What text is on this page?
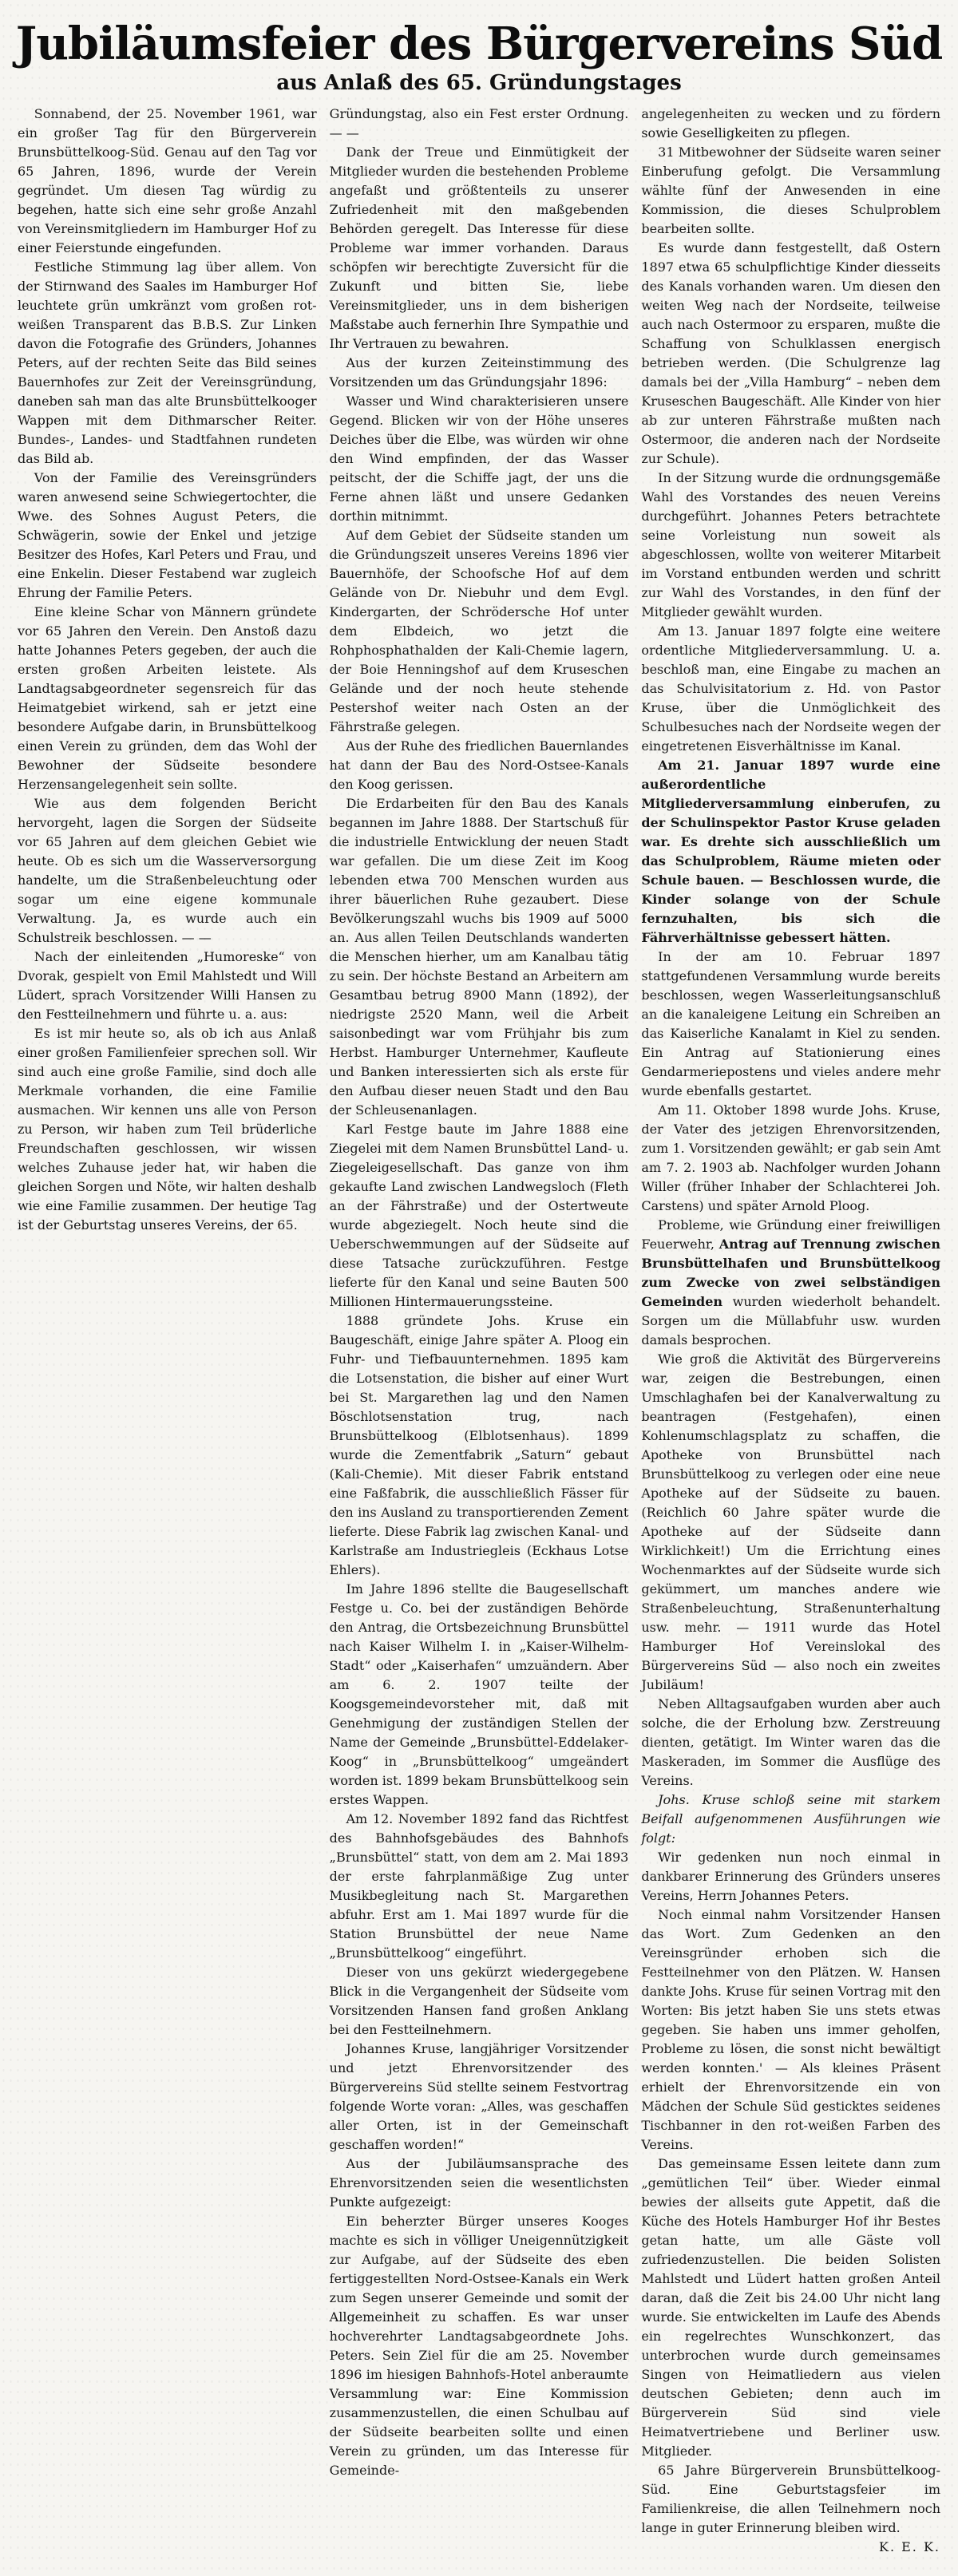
Jubiläumsfeier des Bürgervereins Süd
aus Anlaß des 65. Gründungstages

Sonnabend, der 25. November 1961, war ein großer Tag für den Bürgerverein Brunsbüttelkoog-Süd. Genau auf den Tag vor 65 Jahren, 1896, wurde der Verein gegründet. Um diesen Tag würdig zu begehen, hatte sich eine sehr große Anzahl von Vereinsmitgliedern im Hamburger Hof zu einer Feierstunde eingefunden.

Festliche Stimmung lag über allem. Von der Stirnwand des Saales im Hamburger Hof leuchtete grün umkränzt vom großen rot-weißen Transparent das B.B.S. Zur Linken davon die Fotografie des Gründers, Johannes Peters, auf der rechten Seite das Bild seines Bauernhofes zur Zeit der Vereinsgründung, daneben sah man das alte Brunsbüttelkooger Wappen mit dem Dithmarscher Reiter. Bundes-, Landes- und Stadtfahnen rundeten das Bild ab.

Von der Familie des Vereinsgründers waren anwesend seine Schwiegertochter, die Wwe. des Sohnes August Peters, die Schwägerin, sowie der Enkel und jetzige Besitzer des Hofes, Karl Peters und Frau, und eine Enkelin. Dieser Festabend war zugleich Ehrung der Familie Peters.

Eine kleine Schar von Männern gründete vor 65 Jahren den Verein. Den Anstoß dazu hatte Johannes Peters gegeben, der auch die ersten großen Arbeiten leistete. Als Landtagsabgeordneter segensreich für das Heimatgebiet wirkend, sah er jetzt eine besondere Aufgabe darin, in Brunsbüttelkoog einen Verein zu gründen, dem das Wohl der Bewohner der Südseite besondere Herzensangelegenheit sein sollte.

Wie aus dem folgenden Bericht hervorgeht, lagen die Sorgen der Südseite vor 65 Jahren auf dem gleichen Gebiet wie heute. Ob es sich um die Wasserversorgung handelte, um die Straßenbeleuchtung oder sogar um eine eigene kommunale Verwaltung. Ja, es wurde auch ein Schulstreik beschlossen. — —

Nach der einleitenden „Humoreske“ von Dvorak, gespielt von Emil Mahlstedt und Will Lüdert, sprach Vorsitzender Willi Hansen zu den Festteilnehmern und führte u. a. aus:

Es ist mir heute so, als ob ich aus Anlaß einer großen Familienfeier sprechen soll. Wir sind auch eine große Familie, sind doch alle Merkmale vorhanden, die eine Familie ausmachen. Wir kennen uns alle von Person zu Person, wir haben zum Teil brüderliche Freundschaften geschlossen, wir wissen welches Zuhause jeder hat, wir haben die gleichen Sorgen und Nöte, wir halten deshalb wie eine Familie zusammen. Der heutige Tag ist der Geburtstag unseres Vereins, der 65.

Gründungstag, also ein Fest erster Ordnung. — —

Dank der Treue und Einmütigkeit der Mitglieder wurden die bestehenden Probleme angefaßt und größtenteils zu unserer Zufriedenheit mit den maßgebenden Behörden geregelt. Das Interesse für diese Probleme war immer vorhanden. Daraus schöpfen wir berechtigte Zuversicht für die Zukunft und bitten Sie, liebe Vereinsmitglieder, uns in dem bisherigen Maßstabe auch fernerhin Ihre Sympathie und Ihr Vertrauen zu bewahren.

Aus der kurzen Zeiteinstimmung des Vorsitzenden um das Gründungsjahr 1896:

Wasser und Wind charakterisieren unsere Gegend. Blicken wir von der Höhe unseres Deiches über die Elbe, was würden wir ohne den Wind empfinden, der das Wasser peitscht, der die Schiffe jagt, der uns die Ferne ahnen läßt und unsere Gedanken dorthin mitnimmt.

Auf dem Gebiet der Südseite standen um die Gründungszeit unseres Vereins 1896 vier Bauernhöfe, der Schoofsche Hof auf dem Gelände von Dr. Niebuhr und dem Evgl. Kindergarten, der Schrödersche Hof unter dem Elbdeich, wo jetzt die Rohphosphathalden der Kali-Chemie lagern, der Boie Henningshof auf dem Kruseschen Gelände und der noch heute stehende Pestershof weiter nach Osten an der Fährstraße gelegen.

Aus der Ruhe des friedlichen Bauernlandes hat dann der Bau des Nord-Ostsee-Kanals den Koog gerissen.

Die Erdarbeiten für den Bau des Kanals begannen im Jahre 1888. Der Startschuß für die industrielle Entwicklung der neuen Stadt war gefallen. Die um diese Zeit im Koog lebenden etwa 700 Menschen wurden aus ihrer bäuerlichen Ruhe gezaubert. Diese Bevölkerungszahl wuchs bis 1909 auf 5000 an. Aus allen Teilen Deutschlands wanderten die Menschen hierher, um am Kanalbau tätig zu sein. Der höchste Bestand an Arbeitern am Gesamtbau betrug 8900 Mann (1892), der niedrigste 2520 Mann, weil die Arbeit saisonbedingt war vom Frühjahr bis zum Herbst. Hamburger Unternehmer, Kaufleute und Banken interessierten sich als erste für den Aufbau dieser neuen Stadt und den Bau der Schleusenanlagen.

Karl Festge baute im Jahre 1888 eine Ziegelei mit dem Namen Brunsbüttel Land- u. Ziegeleigesellschaft. Das ganze von ihm gekaufte Land zwischen Landwegsloch (Fleth an der Fährstraße) und der Ostertweute wurde abgeziegelt. Noch heute sind die Ueberschwemmungen auf der Südseite auf diese Tatsache zurückzuführen. Festge lieferte für den Kanal und seine Bauten 500 Millionen Hintermauerungssteine.

1888 gründete Johs. Kruse ein Baugeschäft, einige Jahre später A. Ploog ein Fuhr- und Tiefbauunternehmen. 1895 kam die Lotsenstation, die bisher auf einer Wurt bei St. Margarethen lag und den Namen Böschlotsenstation trug, nach Brunsbüttelkoog (Elblotsenhaus). 1899 wurde die Zementfabrik „Saturn“ gebaut (Kali-Chemie). Mit dieser Fabrik entstand eine Faßfabrik, die ausschließlich Fässer für den ins Ausland zu transportierenden Zement lieferte. Diese Fabrik lag zwischen Kanal- und Karlstraße am Industriegleis (Eckhaus Lotse Ehlers).

Im Jahre 1896 stellte die Baugesellschaft Festge u. Co. bei der zuständigen Behörde den Antrag, die Ortsbezeichnung Brunsbüttel nach Kaiser Wilhelm I. in „Kaiser-Wilhelm-Stadt“ oder „Kaiserhafen“ umzuändern. Aber am 6. 2. 1907 teilte der Koogsgemeindevorsteher mit, daß mit Genehmigung der zuständigen Stellen der Name der Gemeinde „Brunsbüttel-Eddelaker-Koog“ in „Brunsbüttelkoog“ umgeändert worden ist. 1899 bekam Brunsbüttelkoog sein erstes Wappen.

Am 12. November 1892 fand das Richtfest des Bahnhofsgebäudes des Bahnhofs „Brunsbüttel“ statt, von dem am 2. Mai 1893 der erste fahrplanmäßige Zug unter Musikbegleitung nach St. Margarethen abfuhr. Erst am 1. Mai 1897 wurde für die Station Brunsbüttel der neue Name „Brunsbüttelkoog“ eingeführt.

Dieser von uns gekürzt wiedergegebene Blick in die Vergangenheit der Südseite vom Vorsitzenden Hansen fand großen Anklang bei den Festteilnehmern.

Johannes Kruse, langjähriger Vorsitzender und jetzt Ehrenvorsitzender des Bürgervereins Süd stellte seinem Festvortrag folgende Worte voran: „Alles, was geschaffen aller Orten, ist in der Gemeinschaft geschaffen worden!“

Aus der Jubiläumsansprache des Ehrenvorsitzenden seien die wesentlichsten Punkte aufgezeigt:

Ein beherzter Bürger unseres Kooges machte es sich in völliger Uneigennützigkeit zur Aufgabe, auf der Südseite des eben fertiggestellten Nord-Ostsee-Kanals ein Werk zum Segen unserer Gemeinde und somit der Allgemeinheit zu schaffen. Es war unser hochverehrter Landtagsabgeordnete Johs. Peters. Sein Ziel für die am 25. November 1896 im hiesigen Bahnhofs-Hotel anberaumte Versammlung war: Eine Kommission zusammenzustellen, die einen Schulbau auf der Südseite bearbeiten sollte und einen Verein zu gründen, um das Interesse für Gemeinde-

angelegenheiten zu wecken und zu fördern sowie Geselligkeiten zu pflegen.

31 Mitbewohner der Südseite waren seiner Einberufung gefolgt. Die Versammlung wählte fünf der Anwesenden in eine Kommission, die dieses Schulproblem bearbeiten sollte.

Es wurde dann festgestellt, daß Ostern 1897 etwa 65 schulpflichtige Kinder diesseits des Kanals vorhanden waren. Um diesen den weiten Weg nach der Nordseite, teilweise auch nach Ostermoor zu ersparen, mußte die Schaffung von Schulklassen energisch betrieben werden. (Die Schulgrenze lag damals bei der „Villa Hamburg“ – neben dem Kruseschen Baugeschäft. Alle Kinder von hier ab zur unteren Fährstraße mußten nach Ostermoor, die anderen nach der Nordseite zur Schule).

In der Sitzung wurde die ordnungsgemäße Wahl des Vorstandes des neuen Vereins durchgeführt. Johannes Peters betrachtete seine Vorleistung nun soweit als abgeschlossen, wollte von weiterer Mitarbeit im Vorstand entbunden werden und schritt zur Wahl des Vorstandes, in den fünf der Mitglieder gewählt wurden.

Am 13. Januar 1897 folgte eine weitere ordentliche Mitgliederversammlung. U. a. beschloß man, eine Eingabe zu machen an das Schulvisitatorium z. Hd. von Pastor Kruse, über die Unmöglichkeit des Schulbesuches nach der Nordseite wegen der eingetretenen Eisverhältnisse im Kanal.

Am 21. Januar 1897 wurde eine außerordentliche Mitgliederversammlung einberufen, zu der Schulinspektor Pastor Kruse geladen war. Es drehte sich ausschließlich um das Schulproblem, Räume mieten oder Schule bauen. — Beschlossen wurde, die Kinder solange von der Schule fernzuhalten, bis sich die Fährverhältnisse gebessert hätten.

In der am 10. Februar 1897 stattgefundenen Versammlung wurde bereits beschlossen, wegen Wasserleitungsanschluß an die kanaleigene Leitung ein Schreiben an das Kaiserliche Kanalamt in Kiel zu senden. Ein Antrag auf Stationierung eines Gendarmeriepostens und vieles andere mehr wurde ebenfalls gestartet.

Am 11. Oktober 1898 wurde Johs. Kruse, der Vater des jetzigen Ehrenvorsitzenden, zum 1. Vorsitzenden gewählt; er gab sein Amt am 7. 2. 1903 ab. Nachfolger wurden Johann Willer (früher Inhaber der Schlachterei Joh. Carstens) und später Arnold Ploog.

Probleme, wie Gründung einer freiwilligen Feuerwehr, Antrag auf Trennung zwischen Brunsbüttelhafen und Brunsbüttelkoog zum Zwecke von zwei selbständigen Gemeinden wurden wiederholt behandelt. Sorgen um die Müllabfuhr usw. wurden damals besprochen.

Wie groß die Aktivität des Bürgervereins war, zeigen die Bestrebungen, einen Umschlaghafen bei der Kanalverwaltung zu beantragen (Festgehafen), einen Kohlenumschlagsplatz zu schaffen, die Apotheke von Brunsbüttel nach Brunsbüttelkoog zu verlegen oder eine neue Apotheke auf der Südseite zu bauen. (Reichlich 60 Jahre später wurde die Apotheke auf der Südseite dann Wirklichkeit!) Um die Errichtung eines Wochenmarktes auf der Südseite wurde sich gekümmert, um manches andere wie Straßenbeleuchtung, Straßenunterhaltung usw. mehr. — 1911 wurde das Hotel Hamburger Hof Vereinslokal des Bürgervereins Süd — also noch ein zweites Jubiläum!

Neben Alltagsaufgaben wurden aber auch solche, die der Erholung bzw. Zerstreuung dienten, getätigt. Im Winter waren das die Maskeraden, im Sommer die Ausflüge des Vereins.

Johs. Kruse schloß seine mit starkem Beifall aufgenommenen Ausführungen wie folgt:

Wir gedenken nun noch einmal in dankbarer Erinnerung des Gründers unseres Vereins, Herrn Johannes Peters.

Noch einmal nahm Vorsitzender Hansen das Wort. Zum Gedenken an den Vereinsgründer erhoben sich die Festteilnehmer von den Plätzen. W. Hansen dankte Johs. Kruse für seinen Vortrag mit den Worten: Bis jetzt haben Sie uns stets etwas gegeben. Sie haben uns immer geholfen, Probleme zu lösen, die sonst nicht bewältigt werden konnten.' — Als kleines Präsent erhielt der Ehrenvorsitzende ein von Mädchen der Schule Süd gesticktes seidenes Tischbanner in den rot-weißen Farben des Vereins.

Das gemeinsame Essen leitete dann zum „gemütlichen Teil“ über. Wieder einmal bewies der allseits gute Appetit, daß die Küche des Hotels Hamburger Hof ihr Bestes getan hatte, um alle Gäste voll zufriedenzustellen. Die beiden Solisten Mahlstedt und Lüdert hatten großen Anteil daran, daß die Zeit bis 24.00 Uhr nicht lang wurde. Sie entwickelten im Laufe des Abends ein regelrechtes Wunschkonzert, das unterbrochen wurde durch gemeinsames Singen von Heimatliedern aus vielen deutschen Gebieten; denn auch im Bürgerverein Süd sind viele Heimatvertriebene und Berliner usw. Mitglieder.

65 Jahre Bürgerverein Brunsbüttelkoog-Süd. Eine Geburtstagsfeier im Familienkreise, die allen Teilnehmern noch lange in guter Erinnerung bleiben wird.
K. E. K.
